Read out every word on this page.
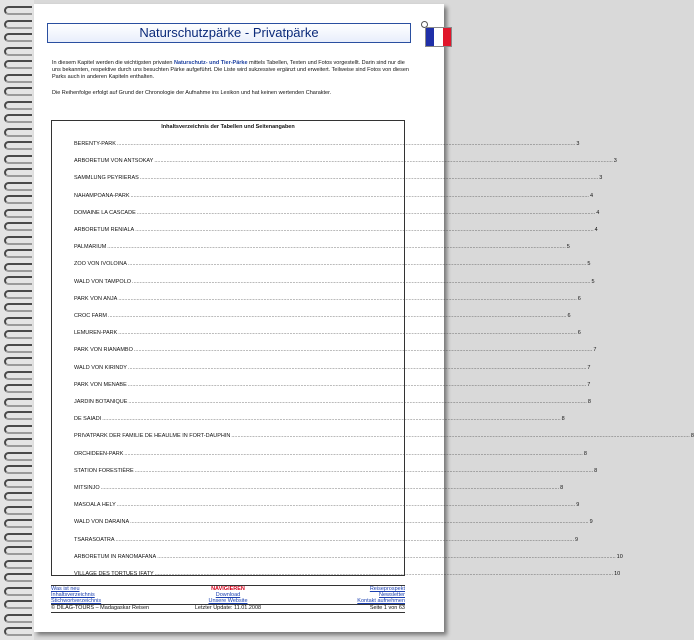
Naturschutzpärke - Privatpärke

In diesem Kapitel werden die wichtigsten privaten Naturschutz- und Tier-Pärke mittels Tabellen, Texten und Fotos vorgestellt. Darin sind nur die uns bekannten, respektive durch uns besuchten Pärke aufgeführt. Die Liste wird sukzessive ergänzt und erweitert. Teilweise sind Fotos von diesen Parks auch in anderen Kapiteln enthalten.

Die Reihenfolge erfolgt auf Grund der Chronologie der Aufnahme ins Lexikon und hat keinen wertenden Charakter.

Inhaltsverzeichnis der Tabellen und Seitenangaben
BERENTY-PARK ............................................................................................................................................................................................................................................................................................................ 3
ARBORETUM VON ANTSOKAY ............................................................................................................................................................................................................................................................................................................ 3
SAMMLUNG PEYRIERAS ............................................................................................................................................................................................................................................................................................................ 3
NAHAMPOANA-PARK ............................................................................................................................................................................................................................................................................................................ 4
DOMAINE LA CASCADE ............................................................................................................................................................................................................................................................................................................ 4
ARBORETUM RENIALA ............................................................................................................................................................................................................................................................................................................ 4
PALMARIUM ............................................................................................................................................................................................................................................................................................................ 5
ZOO VON IVOLOINA ............................................................................................................................................................................................................................................................................................................ 5
WALD VON TAMPOLO ............................................................................................................................................................................................................................................................................................................ 5
PARK VON ANJA ............................................................................................................................................................................................................................................................................................................ 6
CROC FARM ............................................................................................................................................................................................................................................................................................................ 6
LEMUREN-PARK ............................................................................................................................................................................................................................................................................................................ 6
PARK VON RIANAMBO ............................................................................................................................................................................................................................................................................................................ 7
WALD VON KIRINDY ............................................................................................................................................................................................................................................................................................................ 7
PARK VON MENABE ............................................................................................................................................................................................................................................................................................................ 7
JARDIN BOTANIQUE ............................................................................................................................................................................................................................................................................................................ 8
DE SAIADI ............................................................................................................................................................................................................................................................................................................ 8
PRIVATPARK DER FAMILIE DE HEAULME IN FORT-DAUPHIN ............................................................................................................................................................................................................................................................................................................ 8
ORCHIDEEN-PARK ............................................................................................................................................................................................................................................................................................................ 8
STATION FORESTIÈRE ............................................................................................................................................................................................................................................................................................................ 8
MITSINJO ............................................................................................................................................................................................................................................................................................................ 8
MASOALA HELY ............................................................................................................................................................................................................................................................................................................ 9
WALD VON DARAINA ............................................................................................................................................................................................................................................................................................................ 9
TSARASOATRA ............................................................................................................................................................................................................................................................................................................ 9
ARBORETUM IN RANOMAFANA ............................................................................................................................................................................................................................................................................................................ 10
VILLAGE DES TORTUES IFATY ............................................................................................................................................................................................................................................................................................................ 10
Was ist neu	NAVIGIEREN	Reiseprospekt
Inhaltsverzeichnis	Download	Newsletter
Stichwortverzeichnis	Unsere Website	Kontakt aufnehmen
© DILAG-TOURS – Madagaskar Reisen	Letzter Update: 11.01.2008	Seite 1 von 63
